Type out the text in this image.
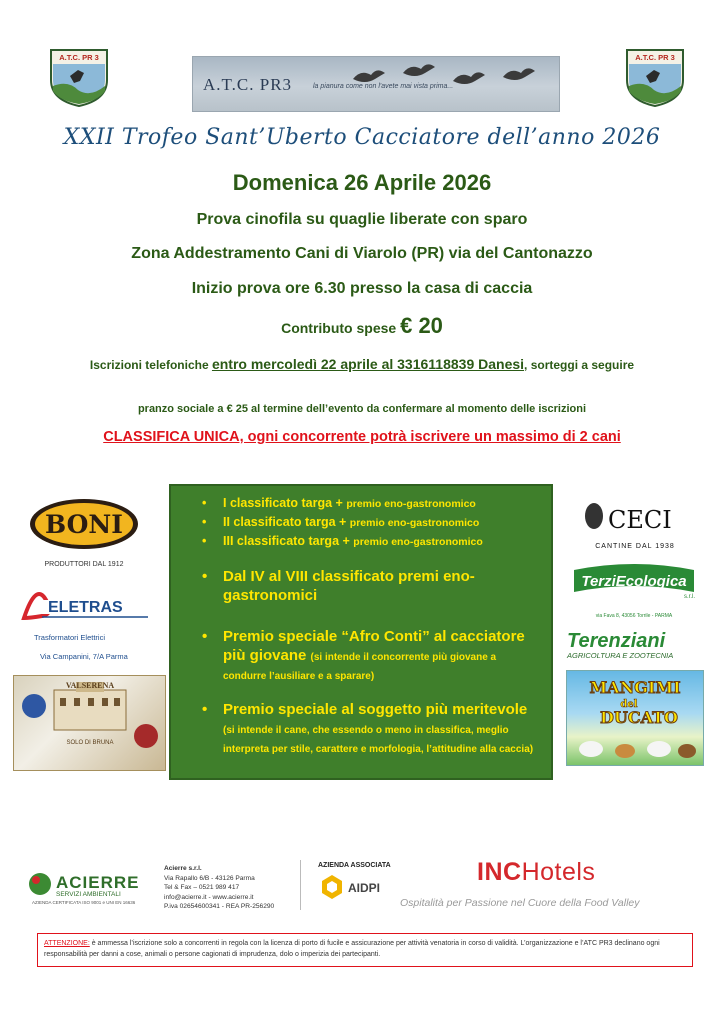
A.T.C. PR 3	A.T.C. PR 3
A.T.C. PR3	la pianura come non l'avete mai vista prima...
XXII Trofeo Sant’Uberto Cacciatore dell’anno 2026
Domenica 26 Aprile 2026
Prova cinofila su quaglie liberate con sparo
Zona Addestramento Cani di Viarolo (PR) via del Cantonazzo
Inizio prova ore 6.30 presso la casa di caccia
Contributo spese € 20
Iscrizioni telefoniche entro mercoledì 22 aprile al 3316118839 Danesi, sorteggi a seguire
pranzo sociale a € 25 al termine dell’evento da confermare al momento delle iscrizioni
CLASSIFICA UNICA, ogni concorrente potrà iscrivere un massimo di 2 cani
• I classificato targa + premio eno-gastronomico
• II classificato targa + premio eno-gastronomico
• III classificato targa + premio eno-gastronomico
• Dal IV al VIII classificato premi eno-gastronomici
• Premio speciale “Afro Conti” al cacciatore più giovane (si intende il concorrente più giovane a condurre l’ausiliare e a sparare)
• Premio speciale al soggetto più meritevole (si intende il cane, che essendo o meno in classifica, meglio interpreta per stile, carattere e morfologia, l’attitudine alla caccia)
BONI
PRODUTTORI DAL 1912
ELETRAS
Trasformatori Elettrici
Via Campanini, 7/A Parma
VALSERENA
SOLO DI BRUNA
CECI
CANTINE DAL 1938
TerziEcologica
s.r.l.
via Fava 8, 43056 Torrile - PARMA
Terenziani
AGRICOLTURA E ZOOTECNIA
MANGIMI
del
DUCATO
ACIERRE
SERVIZI AMBIENTALI
AZIENDA CERTIFICATA ISO 9001 e UNI EN 16636
Acierre s.r.l.
Via Rapallo 6/B - 43126 Parma
Tel & Fax – 0521 989 417
info@acierre.it - www.acierre.it
P.iva 02654600341 - REA PR-256290
AZIENDA ASSOCIATA
AIDPI
INCHotels
Ospitalità per Passione nel Cuore della Food Valley
ATTENZIONE: è ammessa l’iscrizione solo a concorrenti in regola con la licenza di porto di fucile e assicurazione per attività venatoria in corso di validità. L’organizzazione e l’ATC PR3 declinano ogni responsabilità per danni a cose, animali o persone cagionati di imprudenza, dolo o imperizia dei partecipanti.
